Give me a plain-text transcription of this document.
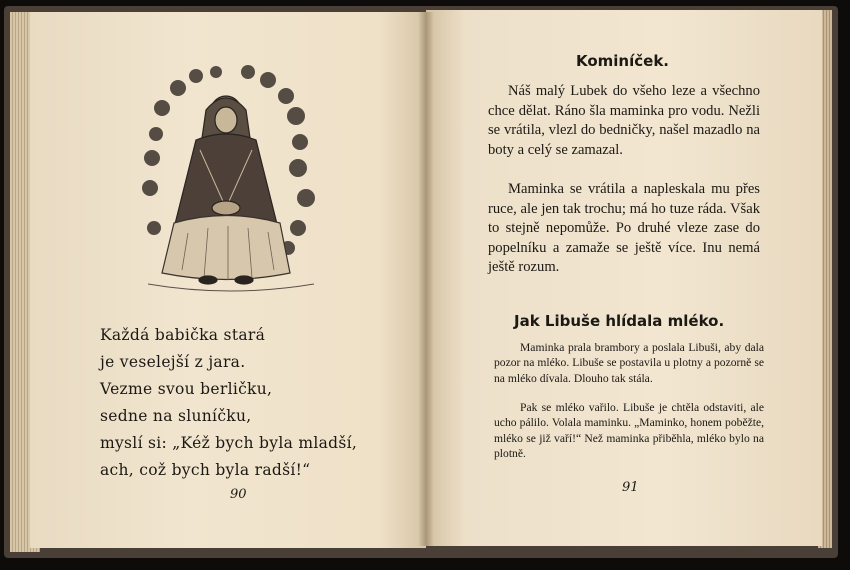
Každá babička stará
je veselejší z jara.
Vezme svou berličku,
sedne na sluníčku,
myslí si: „Kéž bych byla mladší,
ach, což bych byla radší!“
90
Kominíček.

Náš malý Lubek do všeho leze a všechno chce dělat. Ráno šla maminka pro vodu. Nežli se vrátila, vlezl do bedničky, našel mazadlo na boty a celý se zamazal.

Maminka se vrátila a napleskala mu přes ruce, ale jen tak trochu; má ho tuze ráda. Však to stejně nepomůže. Po druhé vleze zase do popelníku a zamaže se ještě více. Inu nemá ještě rozum.

Jak Libuše hlídala mléko.

Maminka prala brambory a poslala Libuši, aby dala pozor na mléko. Libuše se postavila u plotny a pozorně se na mléko dívala. Dlouho tak stála.

Pak se mléko vařilo. Libuše je chtěla odstaviti, ale ucho pálilo. Volala maminku. „Maminko, honem poběžte, mléko se již vaří!“ Než maminka přiběhla, mléko bylo na plotně.

91
